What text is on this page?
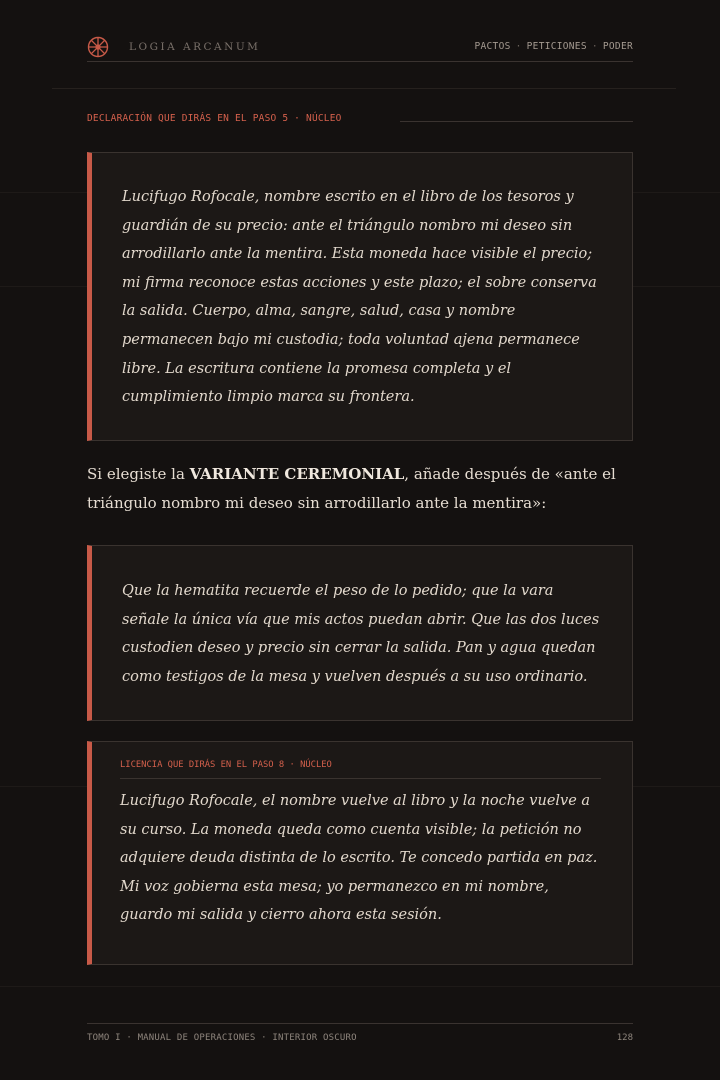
LOGIA ARCANUM	PACTOS · PETICIONES · PODER
DECLARACIÓN QUE DIRÁS EN EL PASO 5 · NÚCLEO

Lucifugo Rofocale, nombre escrito en el libro de los tesoros y guardián de su precio: ante el triángulo nombro mi deseo sin arrodillarlo ante la mentira. Esta moneda hace visible el precio; mi firma reconoce estas acciones y este plazo; el sobre conserva la salida. Cuerpo, alma, sangre, salud, casa y nombre permanecen bajo mi custodia; toda voluntad ajena permanece libre. La escritura contiene la promesa completa y el cumplimiento limpio marca su frontera.

Si elegiste la VARIANTE CEREMONIAL, añade después de «ante el triángulo nombro mi deseo sin arrodillarlo ante la mentira»:

Que la hematita recuerde el peso de lo pedido; que la vara señale la única vía que mis actos puedan abrir. Que las dos luces custodien deseo y precio sin cerrar la salida. Pan y agua quedan como testigos de la mesa y vuelven después a su uso ordinario.

LICENCIA QUE DIRÁS EN EL PASO 8 · NÚCLEO

Lucifugo Rofocale, el nombre vuelve al libro y la noche vuelve a su curso. La moneda queda como cuenta visible; la petición no adquiere deuda distinta de lo escrito. Te concedo partida en paz. Mi voz gobierna esta mesa; yo permanezco en mi nombre, guardo mi salida y cierro ahora esta sesión.

TOMO I · MANUAL DE OPERACIONES · INTERIOR OSCURO	128
